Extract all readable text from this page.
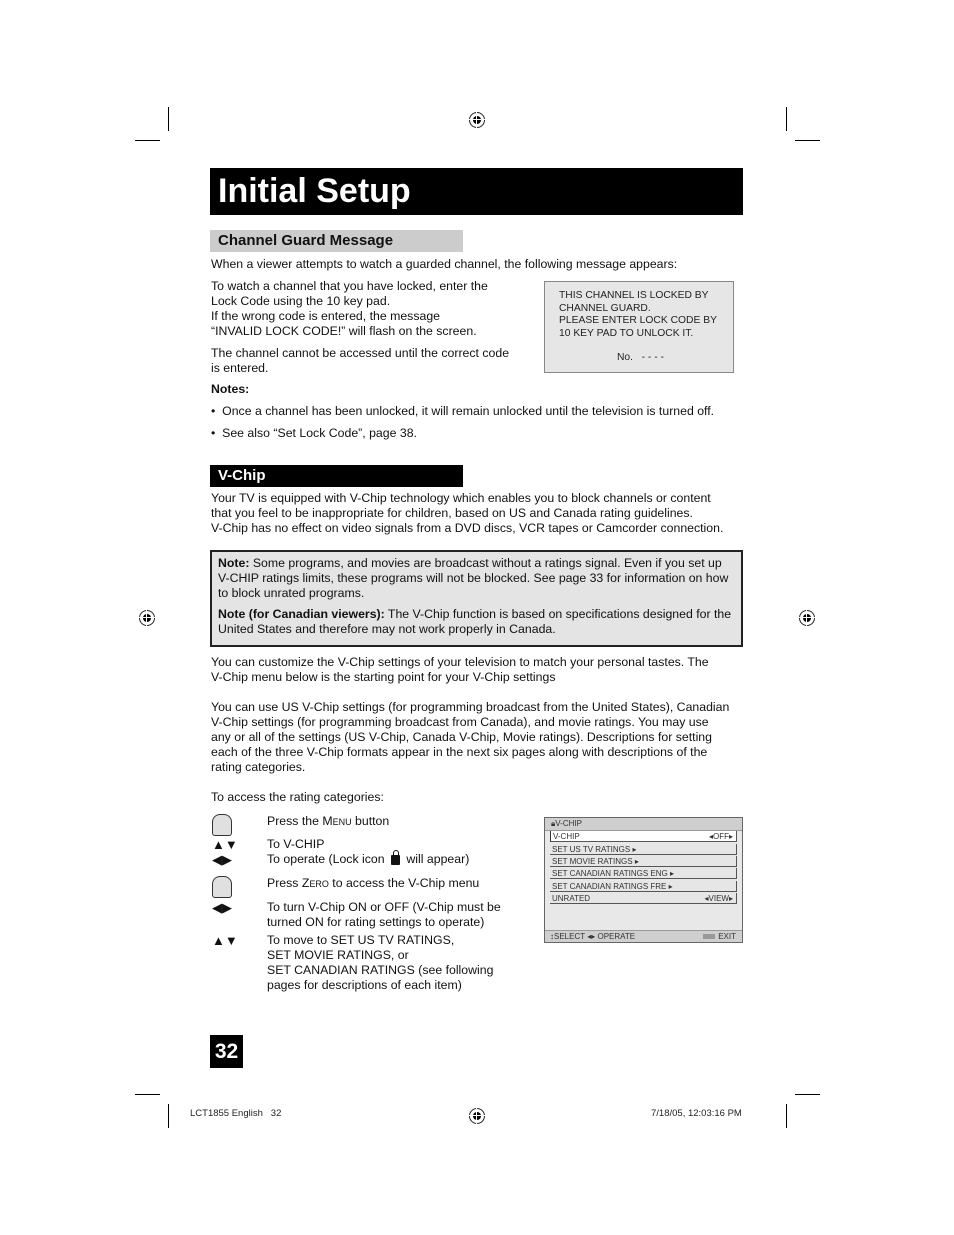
Initial Setup
Channel Guard Message
When a viewer attempts to watch a guarded channel, the following message appears:
To watch a channel that you have locked, enter the
Lock Code using the 10 key pad.
If the wrong code is entered, the message
“INVALID LOCK CODE!” will flash on the screen.
The channel cannot be accessed until the correct code
is entered.
THIS CHANNEL IS LOCKED BY
CHANNEL GUARD.
PLEASE ENTER LOCK CODE BY
10 KEY PAD TO UNLOCK IT.
No. - - - -
Notes:
•  Once a channel has been unlocked, it will remain unlocked until the television is turned off.
•  See also “Set Lock Code”, page 38.
V-Chip
Your TV is equipped with V-Chip technology which enables you to block channels or content
that you feel to be inappropriate for children, based on US and Canada rating guidelines.
V-Chip has no effect on video signals from a DVD discs, VCR tapes or Camcorder connection.

Note: Some programs, and movies are broadcast without a ratings signal. Even if you set up V-CHIP ratings limits, these programs will not be blocked. See page 33 for information on how to block unrated programs.

Note (for Canadian viewers): The V-Chip function is based on specifications designed for the United States and therefore may not work properly in Canada.

You can customize the V-Chip settings of your television to match your personal tastes. The
V-Chip menu below is the starting point for your V-Chip settings
You can use US V-Chip settings (for programming broadcast from the United States), Canadian
V-Chip settings (for programming broadcast from Canada), and movie ratings. You may use
any or all of the settings (US V-Chip, Canada V-Chip, Movie ratings). Descriptions for setting
each of the three V-Chip formats appear in the next six pages along with descriptions of the
rating categories.
To access the rating categories:
Press the Menu button
▲▼	To V-CHIP
◀▶	To operate (Lock icon  will appear)
Press Zero to access the V-Chip menu
◀▶	To turn V-Chip ON or OFF (V-Chip must be
turned ON for rating settings to operate)
▲▼	To move to SET US TV RATINGS,
SET MOVIE RATINGS, or
SET CANADIAN RATINGS (see following
pages for descriptions of each item)
🔒︎V-CHIP
V-CHIP	◂OFF▸
SET US TV RATINGS ▸
SET MOVIE RATINGS ▸
SET CANADIAN RATINGS ENG ▸
SET CANADIAN RATINGS FRE ▸
UNRATED	◂VIEW▸
↕SELECT ◂▸ OPERATE	EXIT
32
LCT1855 English   32	7/18/05, 12:03:16 PM
